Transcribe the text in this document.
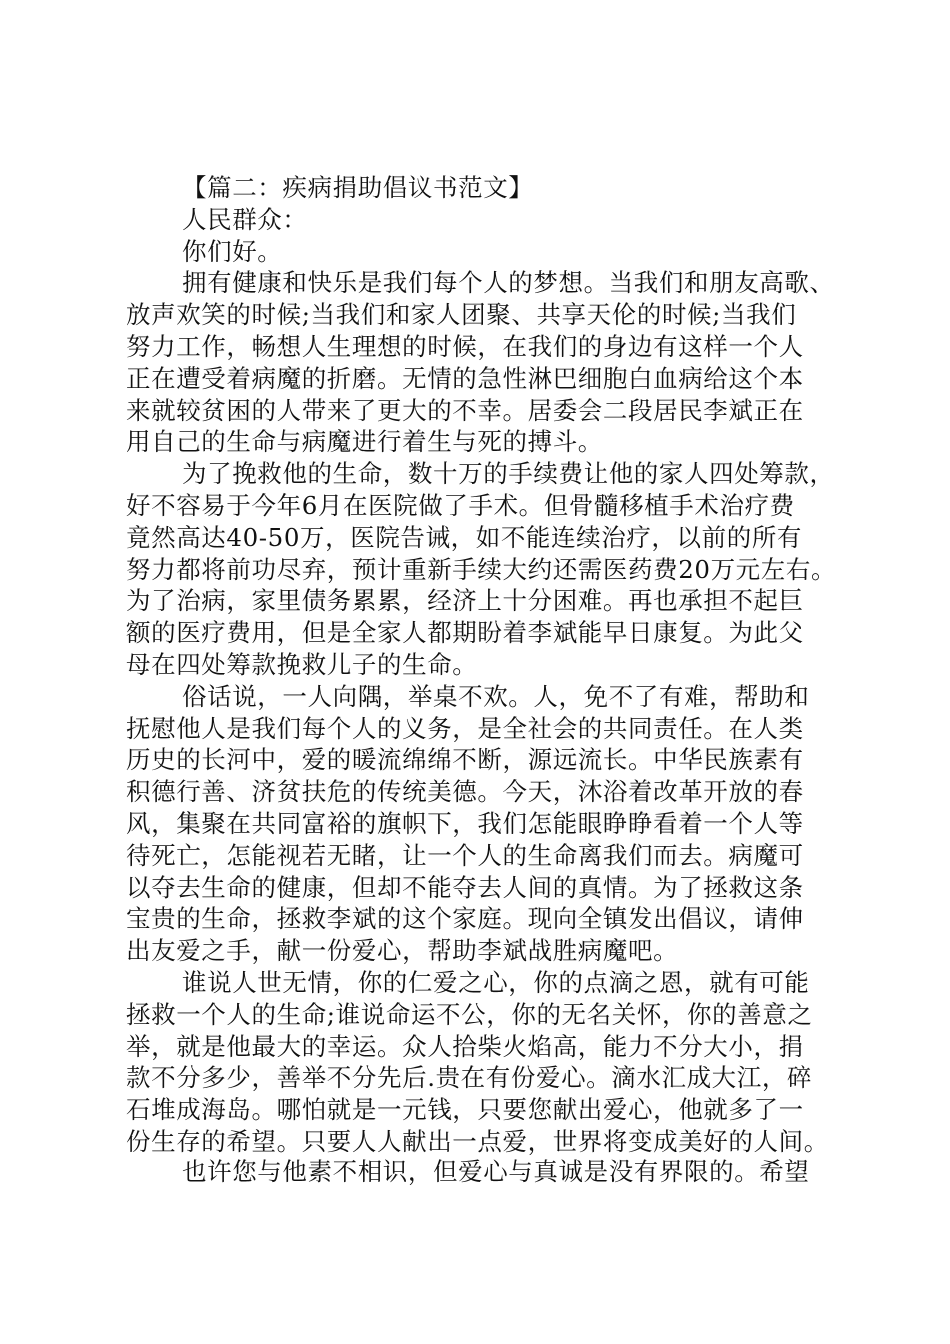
【篇二：疾病捐助倡议书范文】
人民群众：
你们好。
拥有健康和快乐是我们每个人的梦想。当我们和朋友高歌、
放声欢笑的时候;当我们和家人团聚、共享天伦的时候;当我们
努力工作，畅想人生理想的时候，在我们的身边有这样一个人
正在遭受着病魔的折磨。无情的急性淋巴细胞白血病给这个本
来就较贫困的人带来了更大的不幸。居委会二段居民李斌正在
用自己的生命与病魔进行着生与死的搏斗。
为了挽救他的生命，数十万的手续费让他的家人四处筹款，
好不容易于今年6月在医院做了手术。但骨髓移植手术治疗费
竟然高达40-50万，医院告诫，如不能连续治疗，以前的所有
努力都将前功尽弃，预计重新手续大约还需医药费20万元左右。
为了治病，家里债务累累，经济上十分困难。再也承担不起巨
额的医疗费用，但是全家人都期盼着李斌能早日康复。为此父
母在四处筹款挽救儿子的生命。
俗话说，一人向隅，举桌不欢。人，免不了有难，帮助和
抚慰他人是我们每个人的义务，是全社会的共同责任。在人类
历史的长河中，爱的暖流绵绵不断，源远流长。中华民族素有
积德行善、济贫扶危的传统美德。今天，沐浴着改革开放的春
风，集聚在共同富裕的旗帜下，我们怎能眼睁睁看着一个人等
待死亡，怎能视若无睹，让一个人的生命离我们而去。病魔可
以夺去生命的健康，但却不能夺去人间的真情。为了拯救这条
宝贵的生命，拯救李斌的这个家庭。现向全镇发出倡议，请伸
出友爱之手，献一份爱心，帮助李斌战胜病魔吧。
谁说人世无情，你的仁爱之心，你的点滴之恩，就有可能
拯救一个人的生命;谁说命运不公，你的无名关怀，你的善意之
举，就是他最大的幸运。众人拾柴火焰高，能力不分大小，捐
款不分多少，善举不分先后.贵在有份爱心。滴水汇成大江，碎
石堆成海岛。哪怕就是一元钱，只要您献出爱心，他就多了一
份生存的希望。只要人人献出一点爱，世界将变成美好的人间。
也许您与他素不相识，但爱心与真诚是没有界限的。希望
